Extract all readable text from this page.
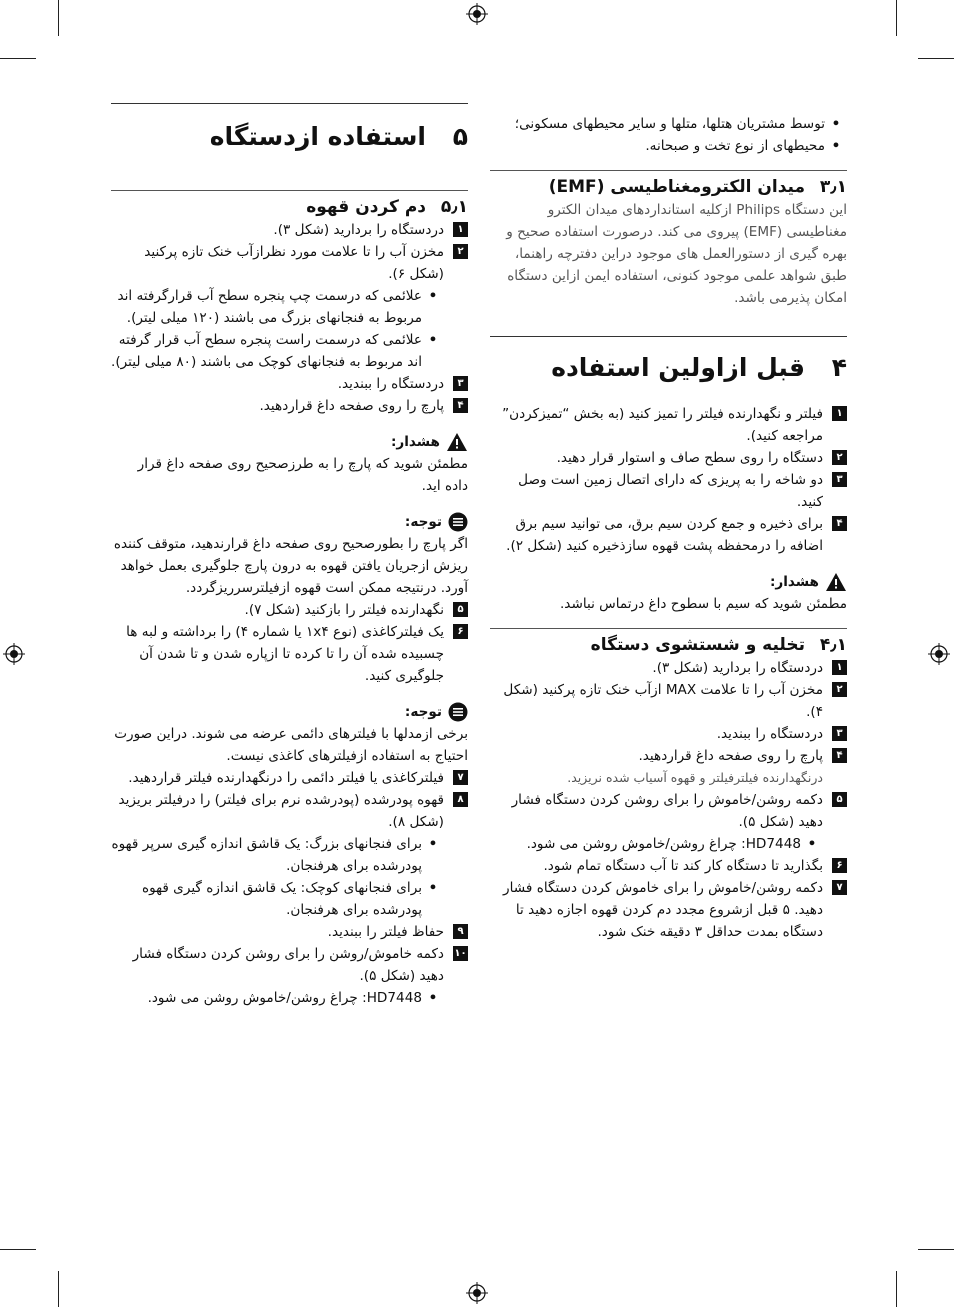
•
توسط مشتریان هتلها، متلها و سایر محیطهای مسکونی؛
•
محیطهای از نوع تخت و صبحانه.
۳٫۱
میدان الکترومغناطیسی (EMF)
این دستگاه Philips ازکلیه استانداردهای میدان الکترو مغناطیسی (EMF) پیروی می کند. درصورت استفاده صحیح و بهره گیری از دستورالعمل های موجود دراین دفترچه راهنما، طبق شواهد علمی موجود کنونی، استفاده ایمن ازاین دستگاه امکان پذیرمی باشد.
۴
قبل ازاولین استفاده
۱
فیلتر و نگهدارنده فیلتر را تمیز کنید (به بخش “تمیزکردن” مراجعه کنید).
۲
دستگاه را روی سطح صاف و استوار قرار دهید.
۳
دو شاخه را به پریزی که دارای اتصال زمین است وصل کنید.
۴
برای ذخیره و جمع کردن سیم برق، می توانید سیم برق اضافه را درمحفظه پشت قهوه سازذخیره کنید (شکل ۲).
هشدار:
مطمئن شوید که سیم با سطوح داغ درتماس نباشد.
۴٫۱
تخلیه و شستشوی دستگاه
۱
دردستگاه را بردارید (شکل ۳).
۲
مخزن آب را تا علامت MAX ازآب خنک تازه پرکنید (شکل ۴).
۳
دردستگاه را ببندید.
۴
پارچ را روی صفحه داغ قراردهید.
درنگهدارنده فیلترفیلتر و قهوه آسیاب شده نریزید.
۵
دکمه روشن/خاموش را برای روشن کردن دستگاه فشار دهید (شکل ۵).
•
HD7448: چراغ روشن/خاموش روشن می شود.
۶
بگذارید تا دستگاه کار کند تا آب دستگاه تمام شود.
۷
دکمه روشن/خاموش را برای خاموش کردن دستگاه فشار دهید. ۵ قبل ازشروع مجدد دم کردن قهوه اجازه دهید تا دستگاه بمدت حداقل ۳ دقیقه خنک شود.
۵
استفاده ازدستگاه
۵٫۱
دم کردن قهوه
۱
دردستگاه را بردارید (شکل ۳).
۲
مخزن آب را تا علامت مورد نظرازآب خنک تازه پرکنید (شکل ۶).
•
علائمی که درسمت چپ پنجره سطح آب قرارگرفته اند مربوط به فنجانهای بزرگ می باشند (۱۲۰ میلی لیتر).
•
علائمی که درسمت راست پنجره سطح آب قرار گرفته اند مربوط به فنجانهای کوچک می باشند (۸۰ میلی لیتر).
۳
دردستگاه را ببندید.
۴
پارچ را روی صفحه داغ قراردهید.
هشدار:
مطمئن شوید که پارچ را به طرزصحیح روی صفحه داغ قرار داده اید.
توجه:
اگر پارچ را بطورصحیح روی صفحه داغ قرارندهید، متوقف کننده ریزش ازجریان یافتن قهوه به درون پارچ جلوگیری بعمل خواهد آورد. درنتیجه ممکن است قهوه ازفیلترسرریزگردد.
۵
نگهدارنده فیلتر را بازکنید (شکل ۷).
۶
یک فیلترکاغذی (نوع ۱x۴ یا شماره ۴) را برداشته و لبه ها چسبیده شده آن را تا کرده تا ازپاره شدن و تا شدن آن جلوگیری کنید.
توجه:
برخی ازمدلها با فیلترهای دائمی عرضه می شوند. دراین صورت احتیاج به استفاده ازفیلترهای کاغذی نیست.
۷
فیلترکاغذی یا فیلتر دائمی را درنگهدارنده فیلتر قراردهید.
۸
قهوه پودرشده (پودرشده نرم برای فیلتر) را درفیلتر بریزید (شکل ۸).
•
برای فنجانهای بزرگ: یک قاشق اندازه گیری سرپر قهوه پودرشده برای هرفنجان.
•
برای فنجانهای کوچک: یک قاشق اندازه گیری قهوه پودرشده برای هرفنجان.
۹
حفاظ فیلتر را ببندید.
۱۰
دکمه خاموش/روشن را برای روشن کردن دستگاه فشار دهید (شکل ۵).
•
HD7448: چراغ روشن/خاموش روشن می شود.
